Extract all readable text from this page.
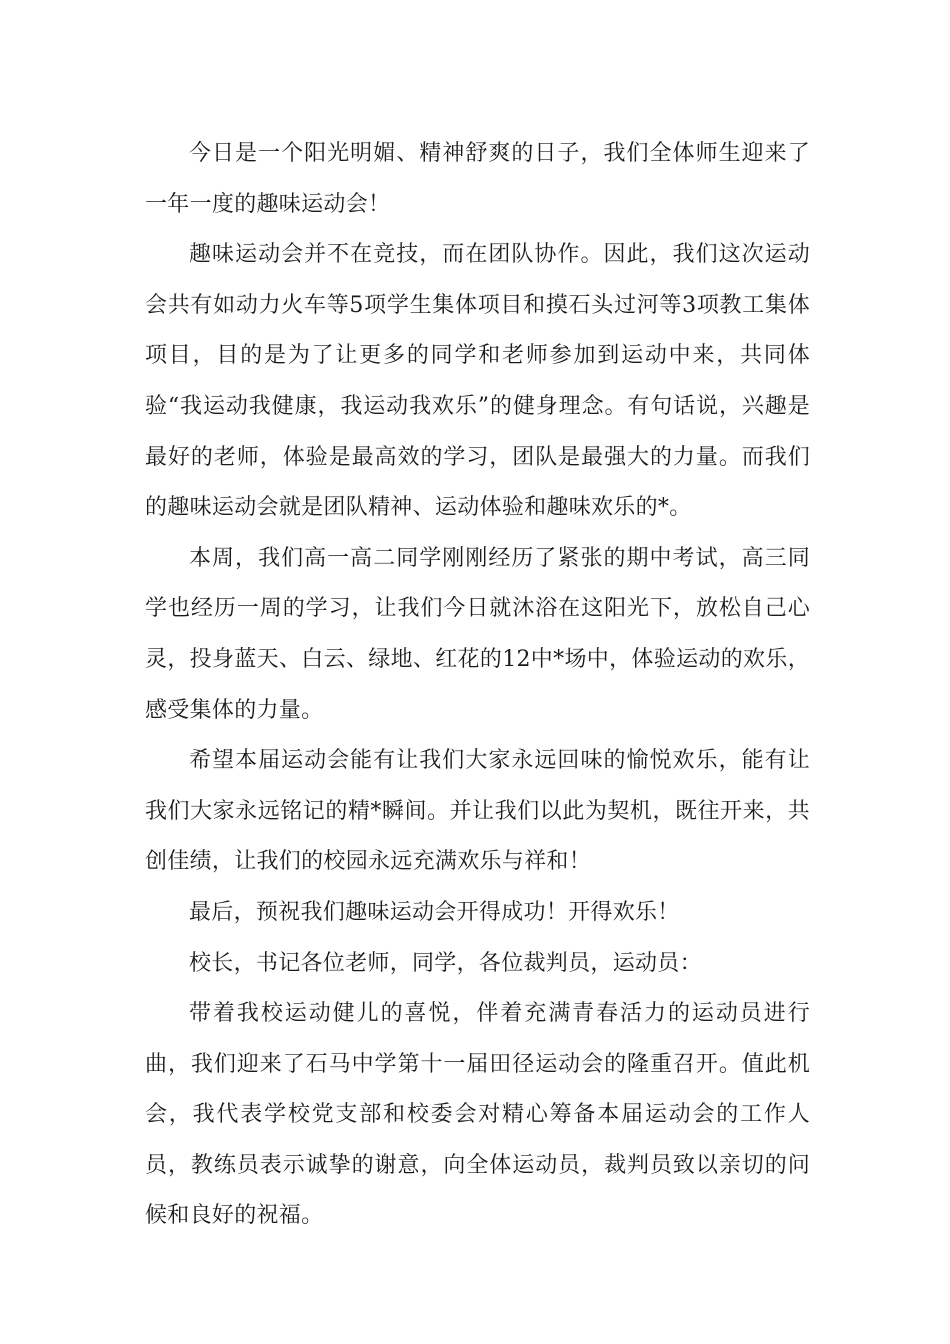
今日是一个阳光明媚、精神舒爽的日子，我们全体师生迎来了一年一度的趣味运动会！

趣味运动会并不在竞技，而在团队协作。因此，我们这次运动会共有如动力火车等5项学生集体项目和摸石头过河等3项教工集体项目，目的是为了让更多的同学和老师参加到运动中来，共同体验“我运动我健康，我运动我欢乐”的健身理念。有句话说，兴趣是最好的老师，体验是最高效的学习，团队是最强大的力量。而我们的趣味运动会就是团队精神、运动体验和趣味欢乐的*。

本周，我们高一高二同学刚刚经历了紧张的期中考试，高三同学也经历一周的学习，让我们今日就沐浴在这阳光下，放松自己心灵，投身蓝天、白云、绿地、红花的12中*场中，体验运动的欢乐，感受集体的力量。

希望本届运动会能有让我们大家永远回味的愉悦欢乐，能有让我们大家永远铭记的精*瞬间。并让我们以此为契机，既往开来，共创佳绩，让我们的校园永远充满欢乐与祥和！

最后，预祝我们趣味运动会开得成功！开得欢乐！

校长，书记各位老师，同学，各位裁判员，运动员：

带着我校运动健儿的喜悦，伴着充满青春活力的运动员进行曲，我们迎来了石马中学第十一届田径运动会的隆重召开。值此机会，我代表学校党支部和校委会对精心筹备本届运动会的工作人员，教练员表示诚挚的谢意，向全体运动员，裁判员致以亲切的问候和良好的祝福。
